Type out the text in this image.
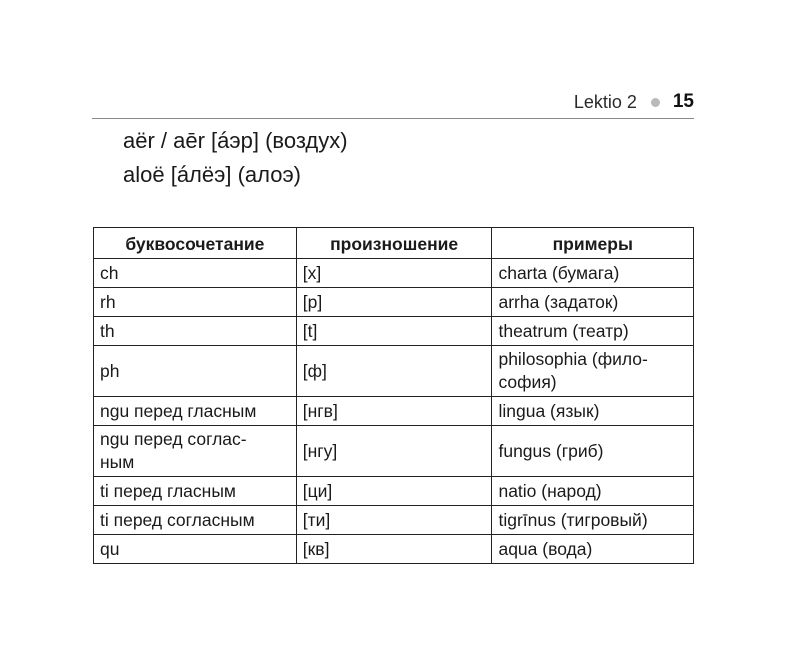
Lektio 2 15
aër / aēr [áэр] (воздух)
aloë [áлёэ] (алоэ)
буквосочетание	произношение	примеры
ch	[х]	charta (бумага)
rh	[р]	arrha (задаток)
th	[t]	theatrum (театр)
ph	[ф]	philosophia (фило-
софия)
ngu перед гласным	[нгв]	lingua (язык)
ngu перед соглас-
ным	[нгу]	fungus (гриб)
ti перед гласным	[ци]	natio (народ)
ti перед согласным	[ти]	tigrīnus (тигровый)
qu	[кв]	aqua (вода)
